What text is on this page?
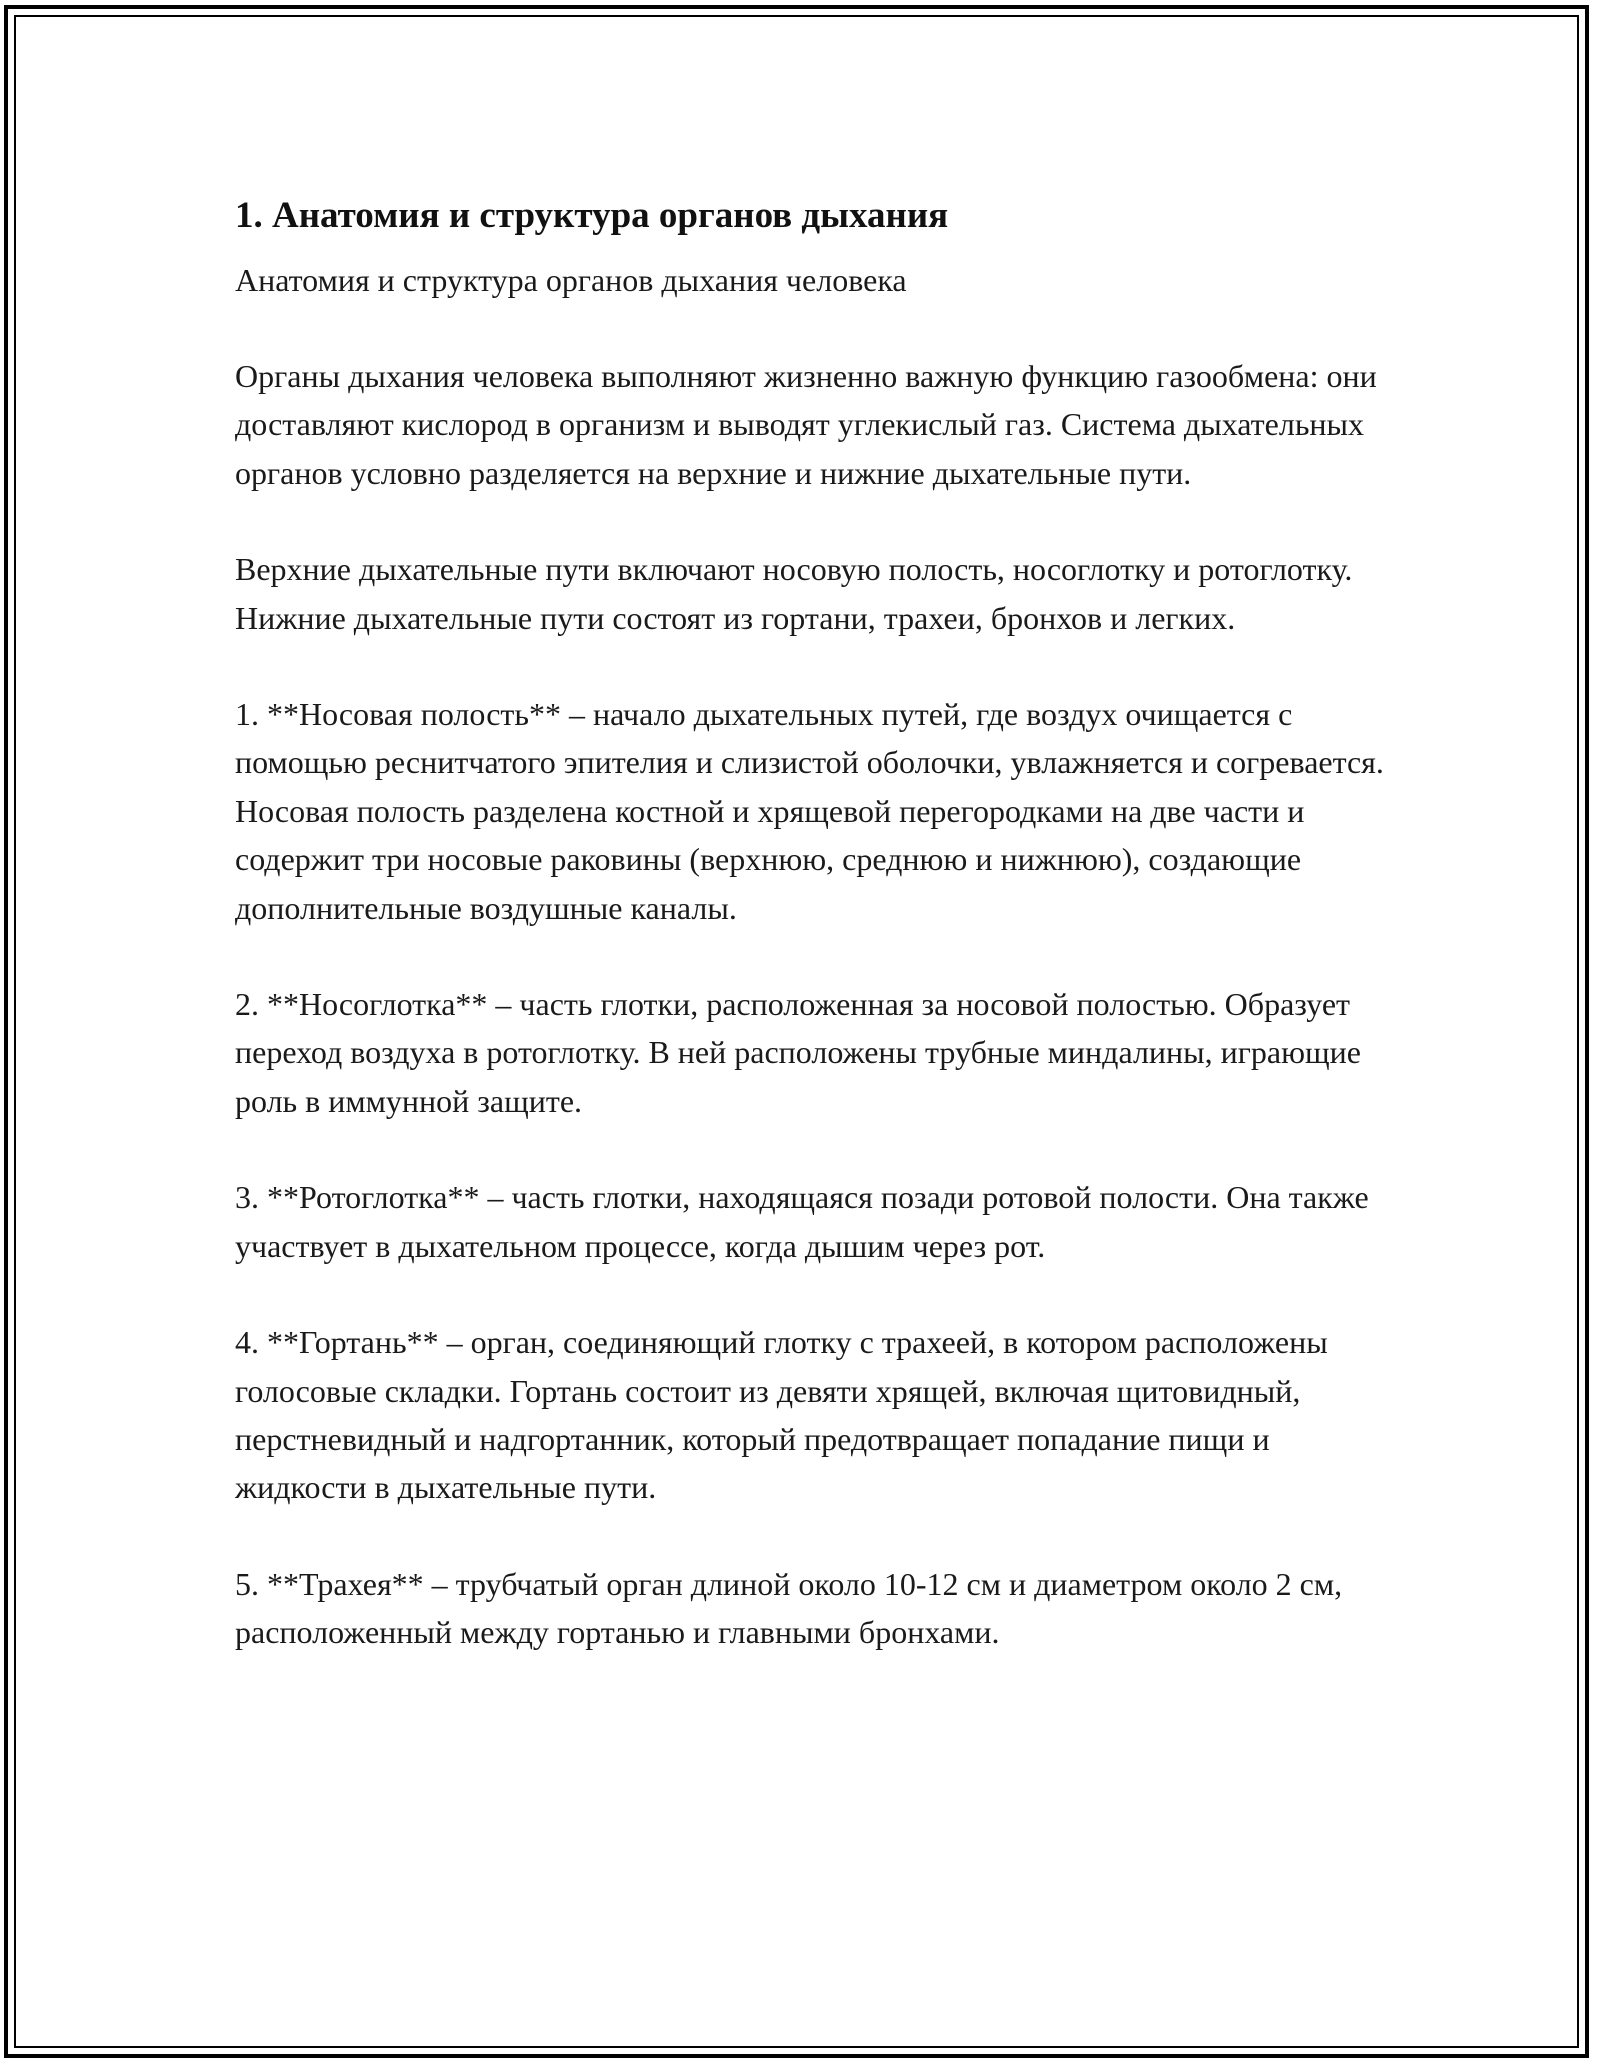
1. Анатомия и структура органов дыхания

Анатомия и структура органов дыхания человека

Органы дыхания человека выполняют жизненно важную функцию газообмена: они доставляют кислород в организм и выводят углекислый газ. Система дыхательных органов условно разделяется на верхние и нижние дыхательные пути.

Верхние дыхательные пути включают носовую полость, носоглотку и ротоглотку. Нижние дыхательные пути состоят из гортани, трахеи, бронхов и легких.

1. **Носовая полость** – начало дыхательных путей, где воздух очищается с помощью реснитчатого эпителия и слизистой оболочки, увлажняется и согревается. Носовая полость разделена костной и хрящевой перегородками на две части и содержит три носовые раковины (верхнюю, среднюю и нижнюю), создающие дополнительные воздушные каналы.

2. **Носоглотка** – часть глотки, расположенная за носовой полостью. Образует переход воздуха в ротоглотку. В ней расположены трубные миндалины, играющие роль в иммунной защите.

3. **Ротоглотка** – часть глотки, находящаяся позади ротовой полости. Она также участвует в дыхательном процессе, когда дышим через рот.

4. **Гортань** – орган, соединяющий глотку с трахеей, в котором расположены голосовые складки. Гортань состоит из девяти хрящей, включая щитовидный, перстневидный и надгортанник, который предотвращает попадание пищи и жидкости в дыхательные пути.

5. **Трахея** – трубчатый орган длиной около 10-12 см и диаметром около 2 см, расположенный между гортанью и главными бронхами.
